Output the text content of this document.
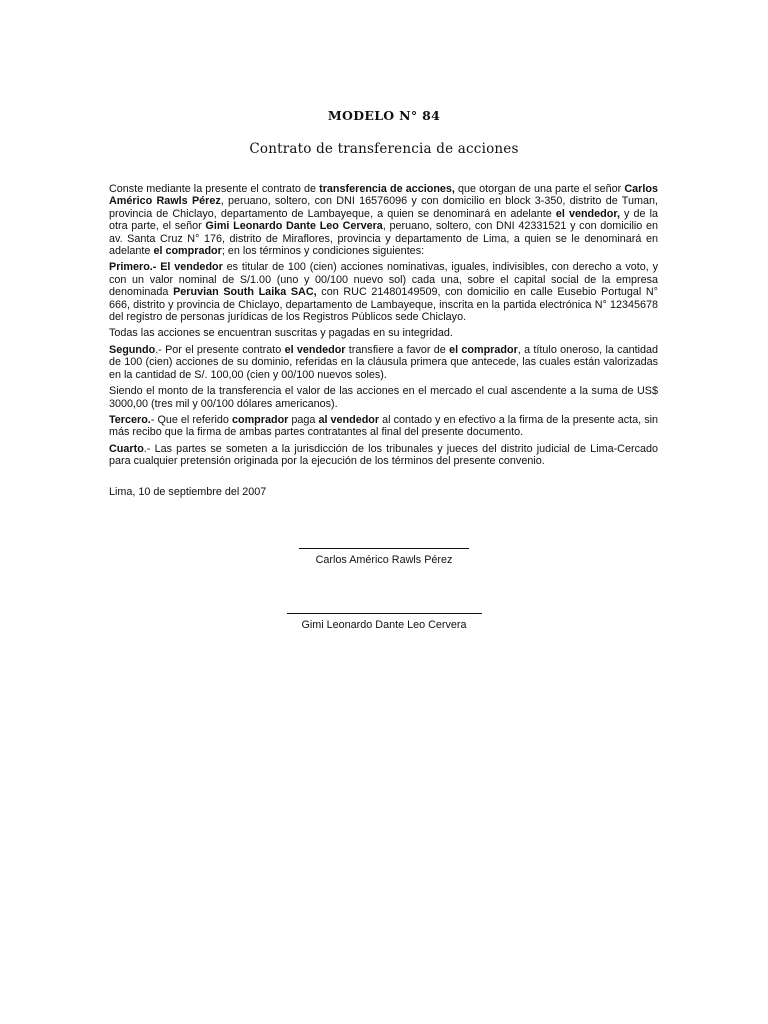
MODELO N° 84
Contrato de transferencia de acciones

Conste mediante la presente el contrato de transferencia de acciones, que otorgan de una parte el señor Carlos Américo Rawls Pérez, peruano, soltero, con DNI 16576096 y con domicilio en block 3-350, distrito de Tuman, provincia de Chiclayo, departamento de Lambayeque, a quien se denominará en adelante el vendedor, y de la otra parte, el señor Gimi Leonardo Dante Leo Cervera, peruano, soltero, con DNI 42331521 y con domicilio en av. Santa Cruz N° 176, distrito de Miraflores, provincia y departamento de Lima, a quien se le denominará en adelante el comprador; en los términos y condiciones siguientes:

Primero.- El vendedor es titular de 100 (cien) acciones nominativas, iguales, indivisibles, con derecho a voto, y con un valor nominal de S/1.00 (uno y 00/100 nuevo sol) cada una, sobre el capital social de la empresa denominada Peruvian South Laika SAC, con RUC 21480149509, con domicilio en calle Eusebio Portugal N° 666, distrito y provincia de Chiclayo, departamento de Lambayeque, inscrita en la partida electrónica N° 12345678 del registro de personas jurídicas de los Registros Públicos sede Chiclayo.

Todas las acciones se encuentran suscritas y pagadas en su integridad.

Segundo.- Por el presente contrato el vendedor transfiere a favor de el comprador, a título oneroso, la cantidad de 100 (cien) acciones de su dominio, referidas en la cláusula primera que antecede, las cuales están valorizadas en la cantidad de S/. 100,00 (cien y 00/100 nuevos soles).

Siendo el monto de la transferencia el valor de las acciones en el mercado el cual ascendente a la suma de US$ 3000,00 (tres mil y 00/100 dólares americanos).

Tercero.- Que el referido comprador paga al vendedor al contado y en efectivo a la firma de la presente acta, sin más recibo que la firma de ambas partes contratantes al final del presente documento.

Cuarto.- Las partes se someten a la jurisdicción de los tribunales y jueces del distrito judicial de Lima-Cercado para cualquier pretensión originada por la ejecución de los términos del presente convenio.

Lima, 10 de septiembre del 2007
Carlos Américo Rawls Pérez
Gimi Leonardo Dante Leo Cervera
